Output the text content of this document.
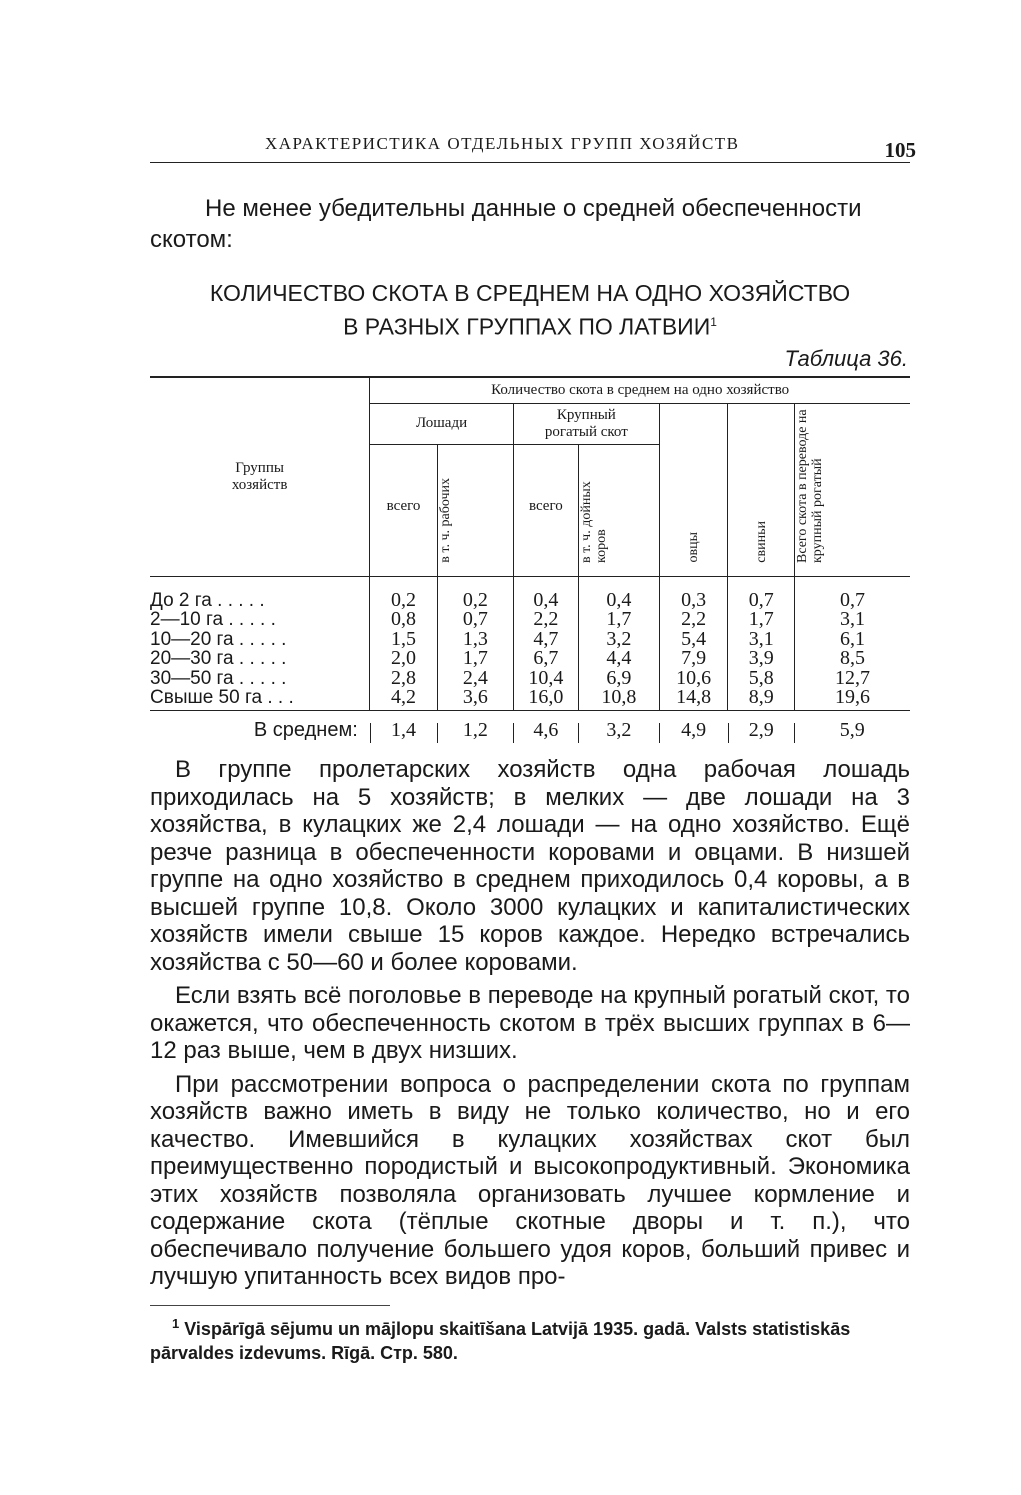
ХАРАКТЕРИСТИКА ОТДЕЛЬНЫХ ГРУПП ХОЗЯЙСТВ	105

Не менее убедительны данные о средней обеспеченности скотом:

КОЛИЧЕСТВО СКОТА В СРЕДНЕМ НА ОДНО ХОЗЯЙСТВО
В РАЗНЫХ ГРУППАХ ПО ЛАТВИИ$^1$
Таблица 36.
Группы хозяйств	Количество скота в среднем на одно хозяйство						
	Лошади		Крупный рогатый скот		овцы	свиньи	Всего скота в переводе на крупный рогатый
	всего	в т. ч. рабочих	всего	в т. ч. дойных коров			
До 2 га . . . . .	0,2	0,2	0,4	0,4	0,3	0,7	0,7
2—10 га . . . . .	0,8	0,7	2,2	1,7	2,2	1,7	3,1
10—20 га . . . . .	1,5	1,3	4,7	3,2	5,4	3,1	6,1
20—30 га . . . . .	2,0	1,7	6,7	4,4	7,9	3,9	8,5
30—50 га . . . . .	2,8	2,4	10,4	6,9	10,6	5,8	12,7
Свыше 50 га . . .	4,2	3,6	16,0	10,8	14,8	8,9	19,6
В среднем:	1,4	1,2	4,6	3,2	4,9	2,9	5,9

В группе пролетарских хозяйств одна рабочая лошадь приходилась на 5 хозяйств; в мелких — две лошади на 3 хозяйства, в кулацких же 2,4 лошади — на одно хозяйство. Ещё резче разница в обеспеченности коровами и овцами. В низшей группе на одно хозяйство в среднем приходилось 0,4 коровы, а в высшей группе 10,8. Около 3000 кулацких и капиталистических хозяйств имели свыше 15 коров каждое. Нередко встречались хозяйства с 50—60 и более коровами.

Если взять всё поголовье в переводе на крупный рогатый скот, то окажется, что обеспеченность скотом в трёх высших группах в 6—12 раз выше, чем в двух низших.

При рассмотрении вопроса о распределении скота по группам хозяйств важно иметь в виду не только количество, но и его качество. Имевшийся в кулацких хозяйствах скот был преимущественно породистый и высокопродуктивный. Экономика этих хозяйств позволяла организовать лучшее кормление и содержание скота (тёплые скотные дворы и т. п.), что обеспечивало получение большего удоя коров, больший привес и лучшую упитанность всех видов про-

$^1$ Vispārīgā sējumu un mājlopu skaitīšana Latvijā 1935. gadā. Valsts statistiskās pārvaldes izdevums. Rīgā. Стр. 580.
